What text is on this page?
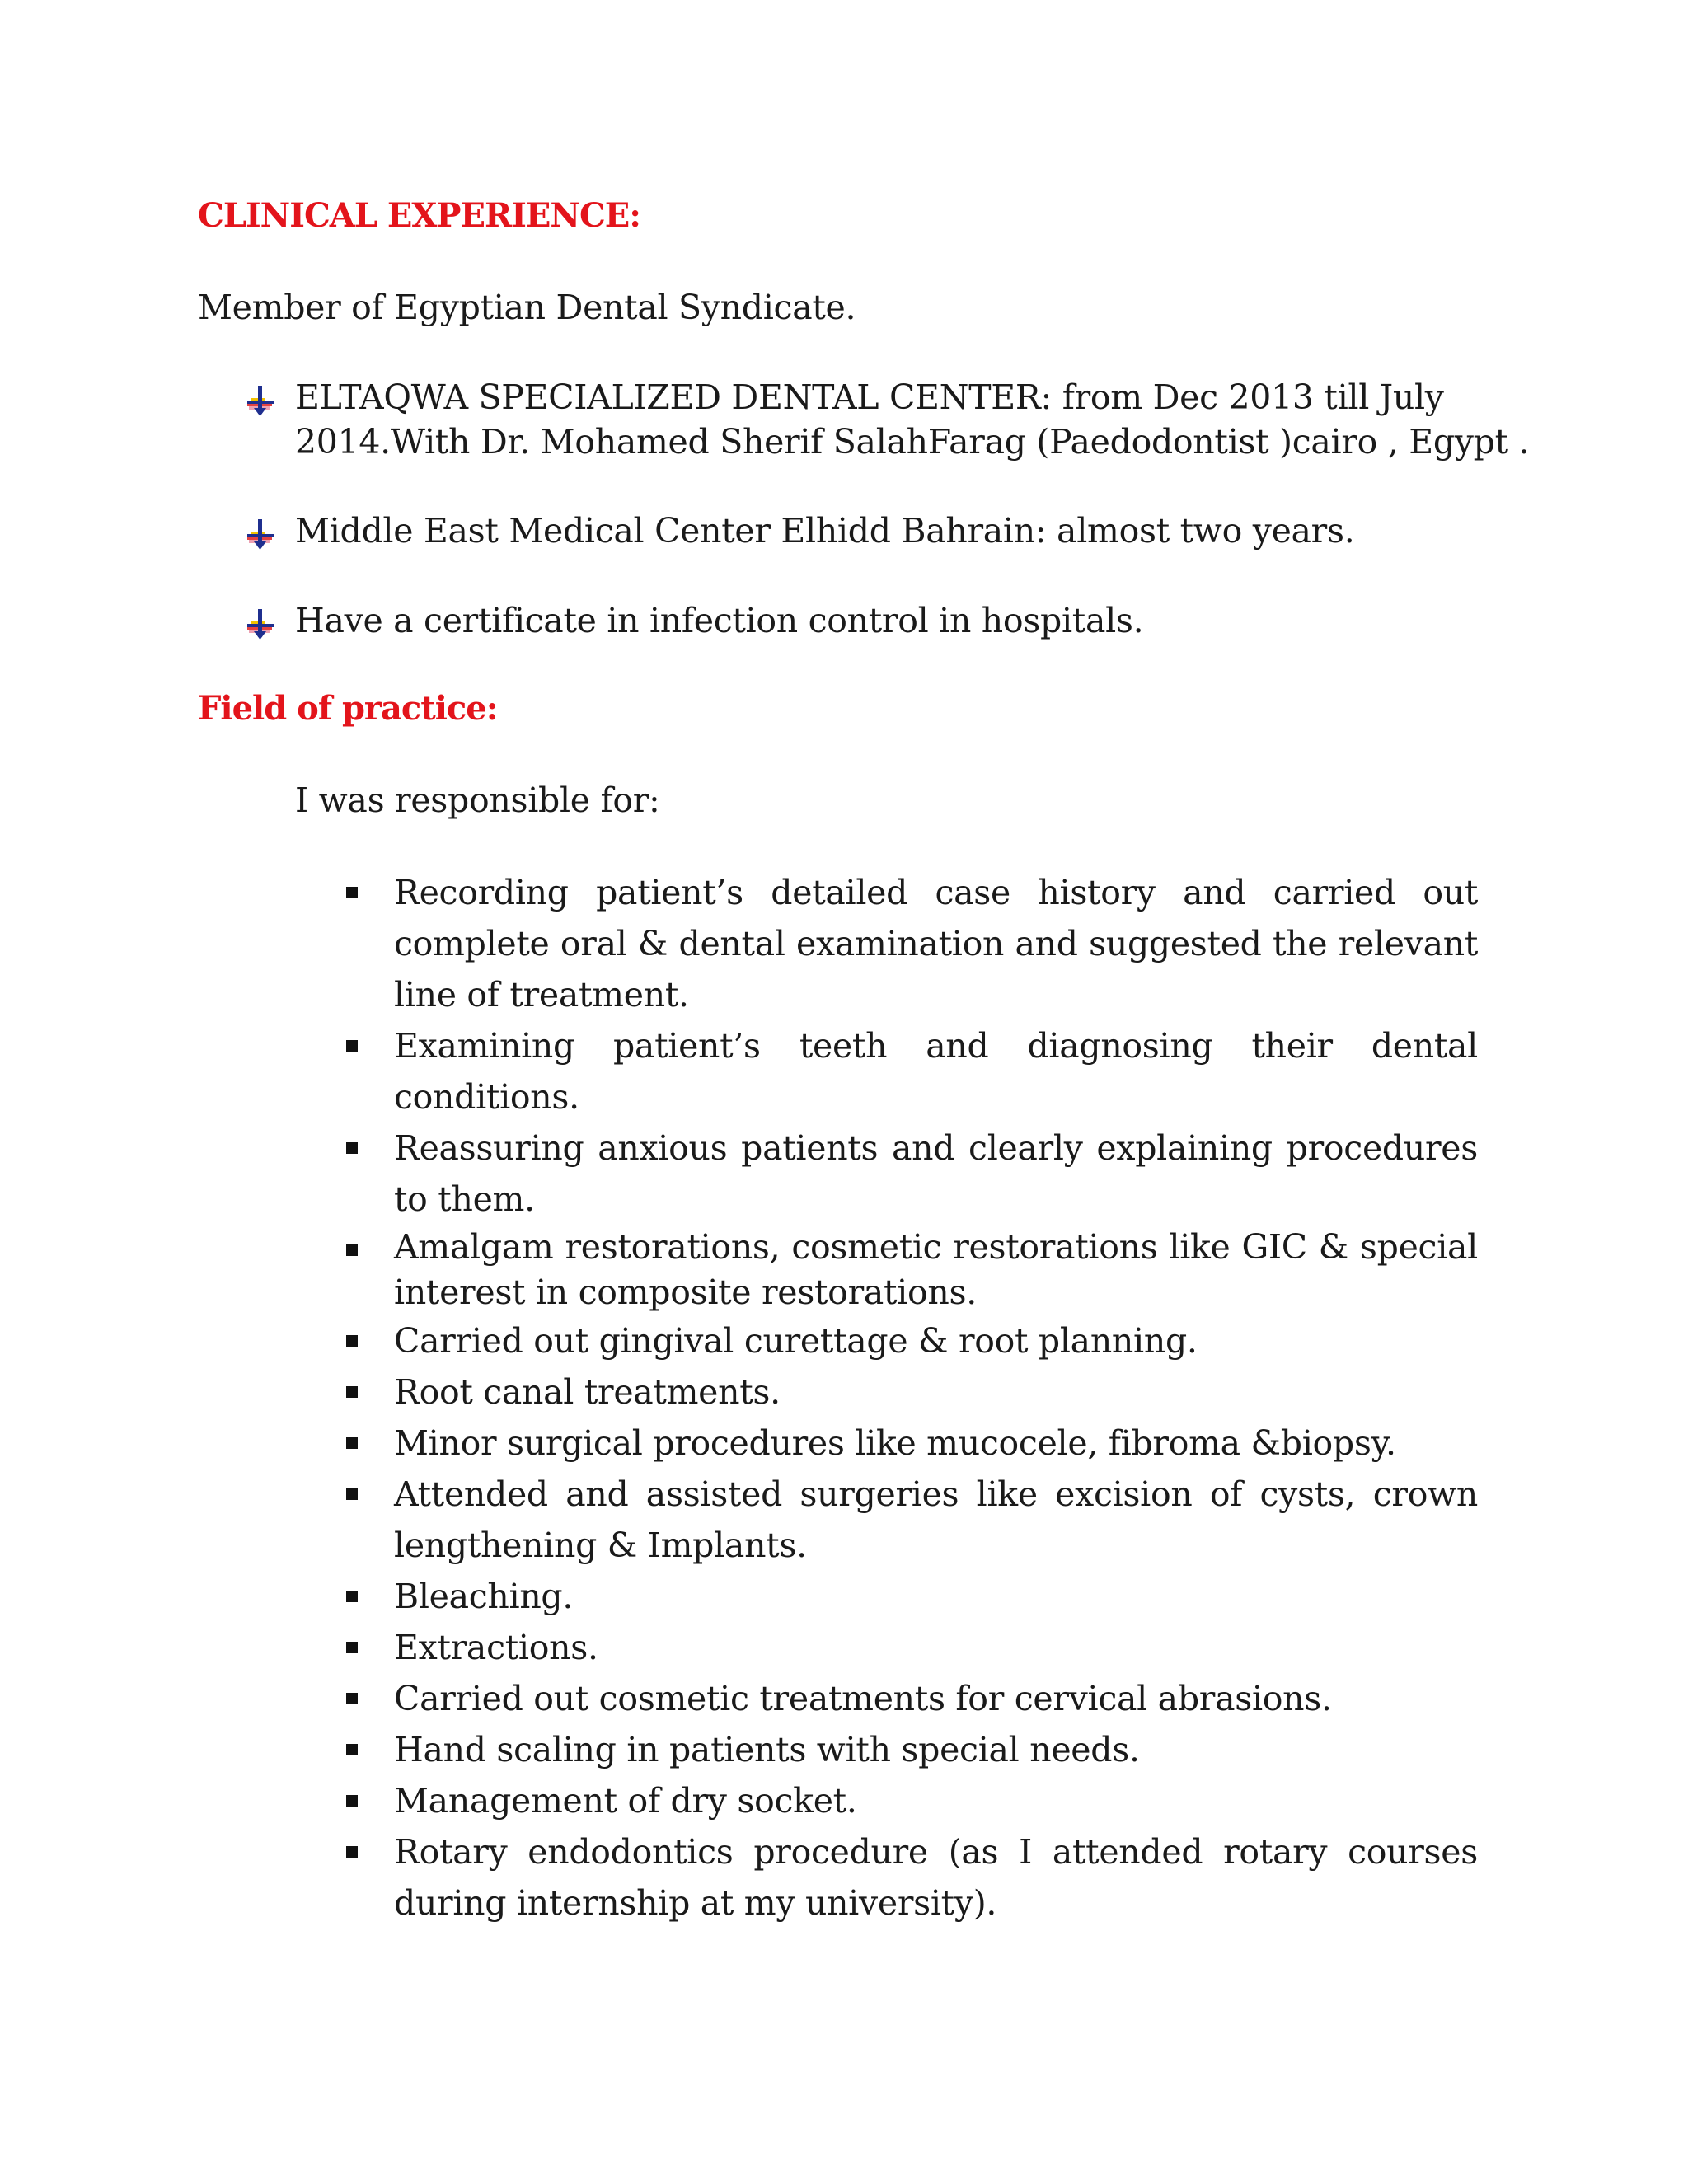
CLINICAL EXPERIENCE:
Member of Egyptian Dental Syndicate.
ELTAQWA SPECIALIZED DENTAL CENTER: from Dec 2013 till July
2014.With Dr. Mohamed Sherif SalahFarag (Paedodontist )cairo , Egypt .
Middle East Medical Center Elhidd Bahrain: almost two years.
Have a certificate in infection control in hospitals.
Field of practice:
I was responsible for:
Recording patient’s detailed case history and carried out complete oral & dental examination and suggested the relevant line of treatment.
Examining patient’s teeth and diagnosing their dental conditions.
Reassuring anxious patients and clearly explaining procedures to them.
Amalgam restorations, cosmetic restorations like GIC & special interest in composite restorations.
Carried out gingival curettage & root planning.
Root canal treatments.
Minor surgical procedures like mucocele, fibroma &biopsy.
Attended and assisted surgeries like excision of cysts, crown lengthening & Implants.
Bleaching.
Extractions.
Carried out cosmetic treatments for cervical abrasions.
Hand scaling in patients with special needs.
Management of dry socket.
Rotary endodontics procedure (as I attended rotary courses during internship at my university).
